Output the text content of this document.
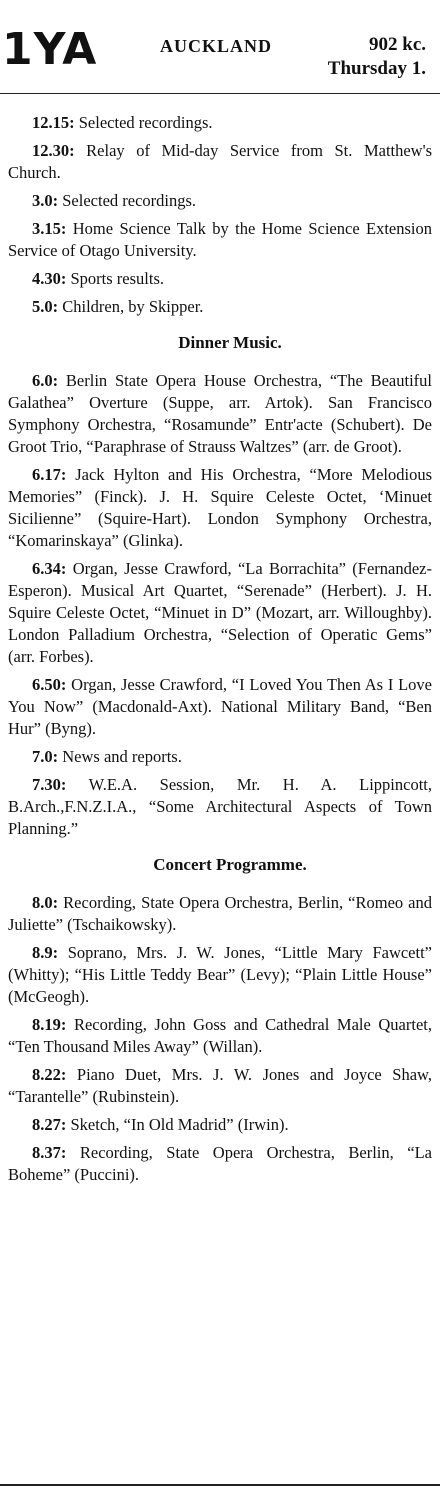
1YA	AUCKLAND	902 kc.
Thursday 1.
12.15: Selected recordings.
12.30: Relay of Mid-day Service from St. Matthew's Church.
3.0: Selected recordings.
3.15: Home Science Talk by the Home Science Extension Service of Otago University.
4.30: Sports results.
5.0: Children, by Skipper.
Dinner Music.
6.0: Berlin State Opera House Orchestra, “The Beautiful Galathea” Overture (Suppe, arr. Artok). San Francisco Symphony Orchestra, “Rosamunde” Entr'acte (Schubert). De Groot Trio, “Paraphrase of Strauss Waltzes” (arr. de Groot).
6.17: Jack Hylton and His Orchestra, “More Melodious Memories” (Finck). J. H. Squire Celeste Octet, ‘Minuet Sicilienne” (Squire-Hart). London Symphony Orchestra, “Komarinskaya” (Glinka).
6.34: Organ, Jesse Crawford, “La Borrachita” (Fernandez-Esperon). Musical Art Quartet, “Serenade” (Herbert). J. H. Squire Celeste Octet, “Minuet in D” (Mozart, arr. Willoughby). London Palladium Orchestra, “Selection of Operatic Gems” (arr. Forbes).
6.50: Organ, Jesse Crawford, “I Loved You Then As I Love You Now” (Macdonald-Axt). National Military Band, “Ben Hur” (Byng).
7.0: News and reports.
7.30: W.E.A. Session, Mr. H. A. Lippincott, B.Arch.,F.N.Z.I.A., “Some Architectural Aspects of Town Planning.”
Concert Programme.
8.0: Recording, State Opera Orchestra, Berlin, “Romeo and Juliette” (Tschaikowsky).
8.9: Soprano, Mrs. J. W. Jones, “Little Mary Fawcett” (Whitty); “His Little Teddy Bear” (Levy); “Plain Little House” (McGeogh).
8.19: Recording, John Goss and Cathedral Male Quartet, “Ten Thousand Miles Away” (Willan).
8.22: Piano Duet, Mrs. J. W. Jones and Joyce Shaw, “Tarantelle” (Rubinstein).
8.27: Sketch, “In Old Madrid” (Irwin).
8.37: Recording, State Opera Orchestra, Berlin, “La Boheme” (Puccini).
